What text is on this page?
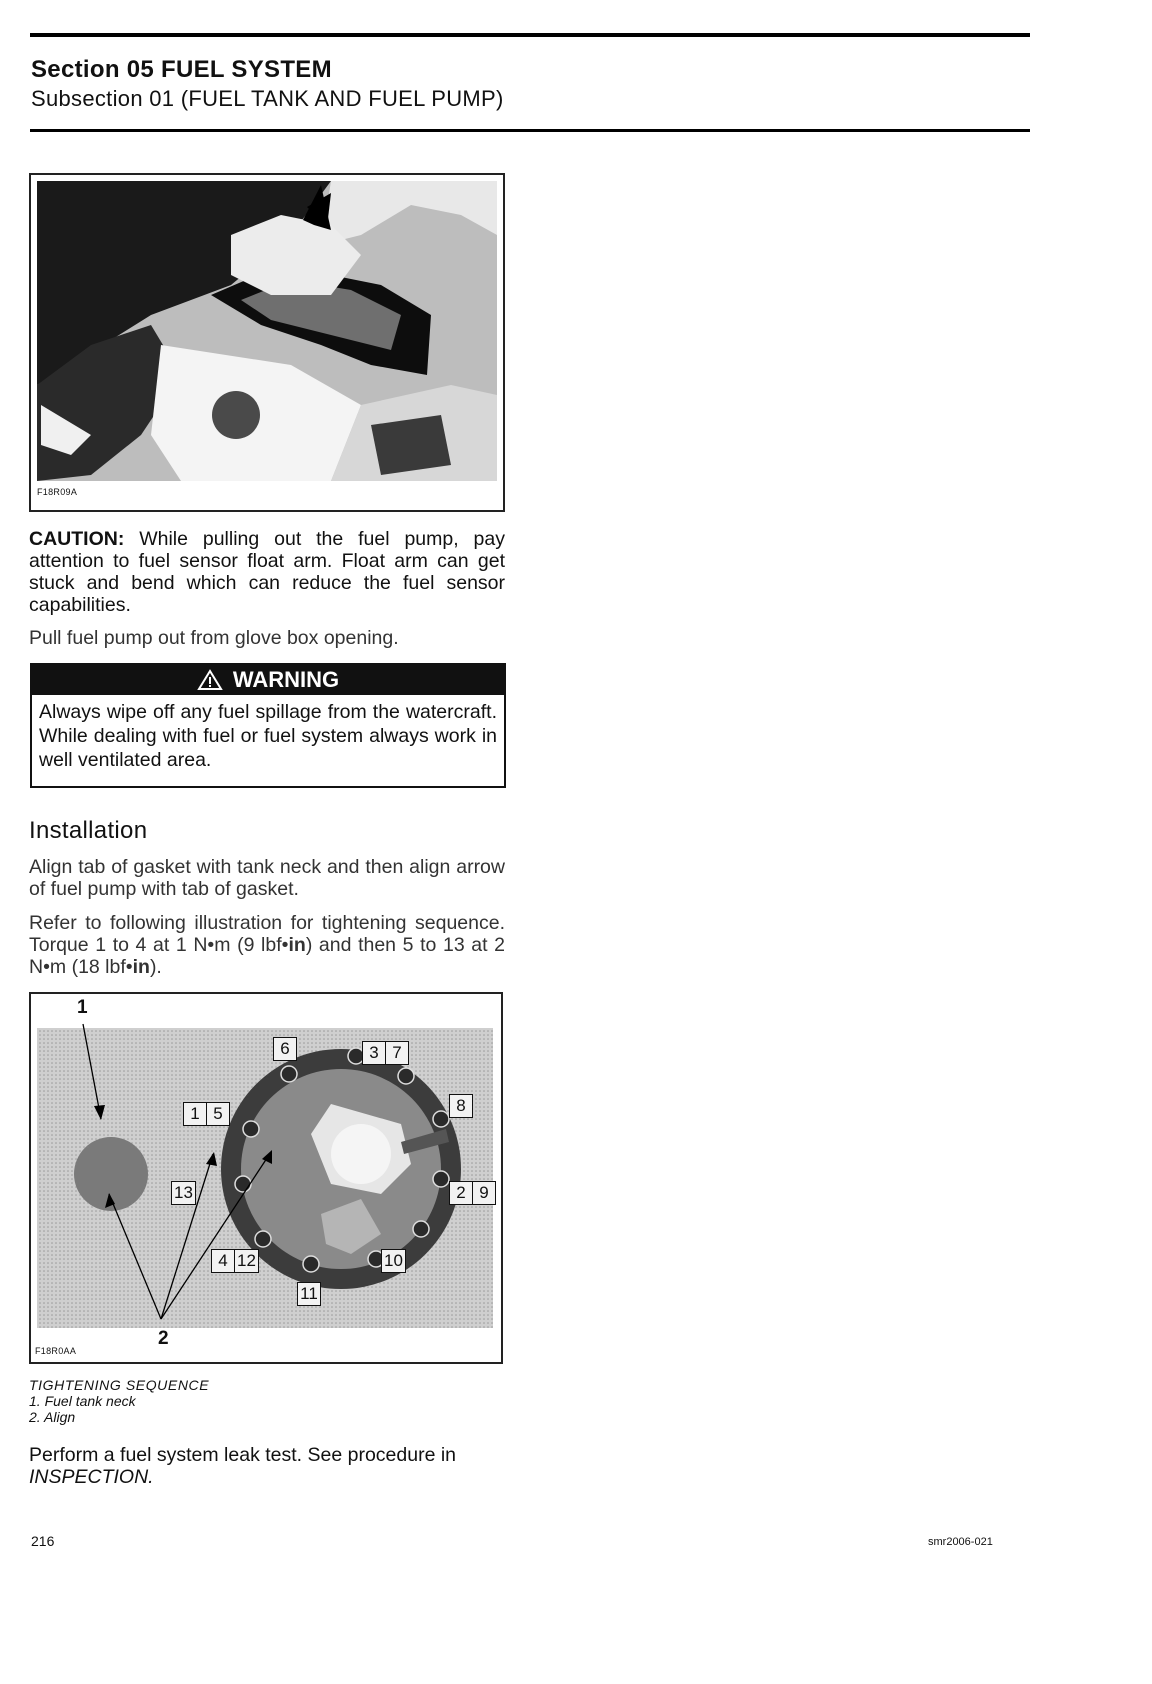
Section 05 FUEL SYSTEM
Subsection 01 (FUEL TANK AND FUEL PUMP)
F18R09A
CAUTION: While pulling out the fuel pump, pay attention to fuel sensor float arm. Float arm can get stuck and bend which can reduce the fuel sensor capabilities.
Pull fuel pump out from glove box opening.
WARNING
Always wipe off any fuel spillage from the watercraft. While dealing with fuel or fuel system always work in well ventilated area.
Installation
Align tab of gasket with tank neck and then align arrow of fuel pump with tab of gasket.
Refer to following illustration for tightening sequence. Torque 1 to 4 at 1 N•m (9 lbf•in) and then 5 to 13 at 2 N•m (18 lbf•in).
1
2
6	3 7
8
1 5
13	2 9
4 12	10
11
F18R0AA
TIGHTENING SEQUENCE
1. Fuel tank neck
2. Align
Perform a fuel system leak test. See procedure in INSPECTION.
216	smr2006-021
